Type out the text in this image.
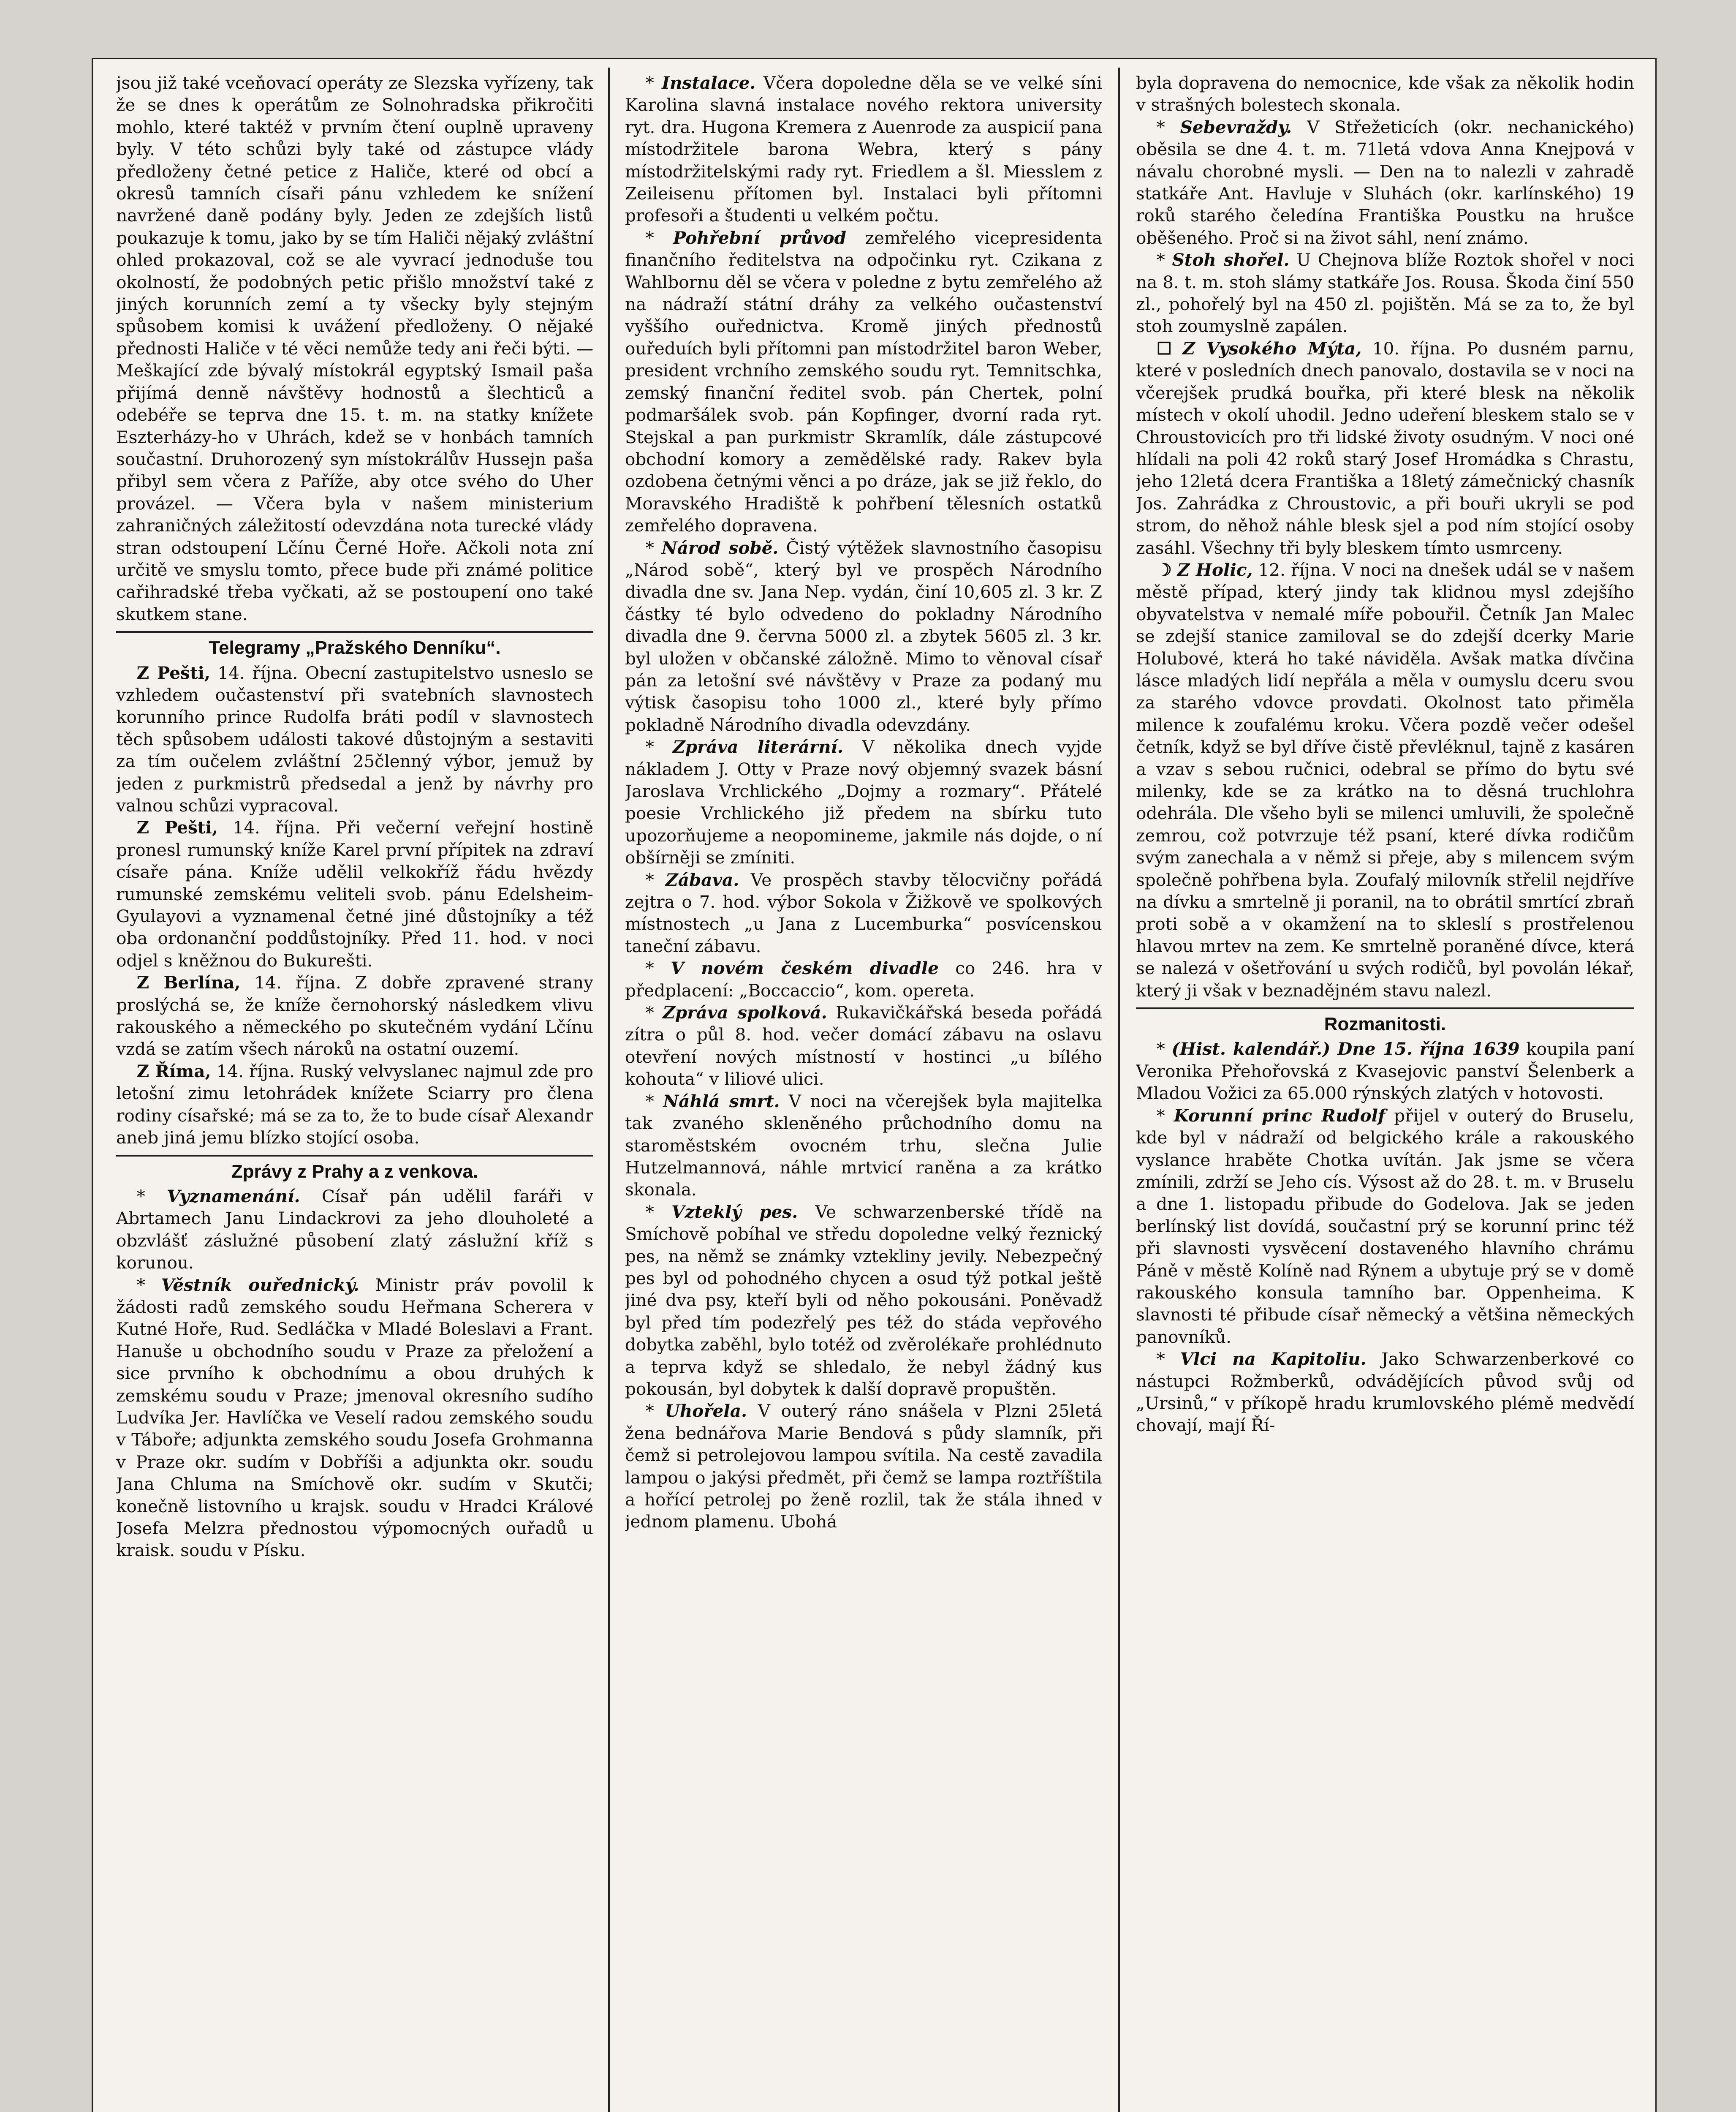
jsou již také vceňovací operáty ze Slezska vyřízeny, tak že se dnes k operátům ze Solnohradska přikročiti mohlo, které taktéž v prvním čtení ouplně upraveny byly. V této schůzi byly také od zástupce vlády předloženy četné petice z Haliče, které od obcí a okresů tamních císaři pánu vzhledem ke snížení navržené daně podány byly. Jeden ze zdejších listů poukazuje k tomu, jako by se tím Haliči nějaký zvláštní ohled prokazoval, což se ale vyvrací jednoduše tou okolností, že podobných petic přišlo množství také z jiných korunních zemí a ty všecky byly stejným spůsobem komisi k uvážení předloženy. O nějaké přednosti Haliče v té věci nemůže tedy ani řeči býti. — Meškající zde bývalý místokrál egyptský Ismail paša přijímá denně návštěvy hodnostů a šlechticů a odebéře se teprva dne 15. t. m. na statky knížete Eszterházy-ho v Uhrách, kdež se v honbách tamních součastní. Druhorozený syn místokrálův Hussejn paša přibyl sem včera z Paříže, aby otce svého do Uher provázel. — Včera byla v našem ministerium zahraničných záležitostí odevzdána nota turecké vlády stran odstoupení Lčínu Černé Hoře. Ačkoli nota zní určitě ve smyslu tomto, přece bude při známé politice cařihradské třeba vyčkati, až se postoupení ono také skutkem stane.

Telegramy „Pražského Denníku“.

Z Pešti, 14. října. Obecní zastupitelstvo usneslo se vzhledem oučastenství při svatebních slavnostech korunního prince Rudolfa bráti podíl v slavnostech těch spůsobem události takové důstojným a sestaviti za tím oučelem zvláštní 25členný výbor, jemuž by jeden z purkmistrů předsedal a jenž by návrhy pro valnou schůzi vypracoval.

Z Pešti, 14. října. Při večerní veřejní hostině pronesl rumunský kníže Karel první přípitek na zdraví císaře pána. Kníže udělil velkokříž řádu hvězdy rumunské zemskému veliteli svob. pánu Edelsheim-Gyulayovi a vyznamenal četné jiné důstojníky a též oba ordonanční poddůstojníky. Před 11. hod. v noci odjel s kněžnou do Bukurešti.

Z Berlína, 14. října. Z dobře zpravené strany proslýchá se, že kníže černohorský následkem vlivu rakouského a německého po skutečném vydání Lčínu vzdá se zatím všech nároků na ostatní ouzemí.

Z Říma, 14. října. Ruský velvyslanec najmul zde pro letošní zimu letohrádek knížete Sciarry pro člena rodiny císařské; má se za to, že to bude císař Alexandr aneb jiná jemu blízko stojící osoba.

Zprávy z Prahy a z venkova.

* Vyznamenání. Císař pán udělil faráři v Abrtamech Janu Lindackrovi za jeho dlouholeté a obzvlášť záslužné působení zlatý záslužní kříž s korunou.

* Věstník ouřednický. Ministr práv povolil k žádosti radů zemského soudu Heřmana Scherera v Kutné Hoře, Rud. Sedláčka v Mladé Boleslavi a Frant. Hanuše u obchodního soudu v Praze za přeložení a sice prvního k obchodnímu a obou druhých k zemskému soudu v Praze; jmenoval okresního sudího Ludvíka Jer. Havlíčka ve Veselí radou zemského soudu v Táboře; adjunkta zemského soudu Josefa Grohmanna v Praze okr. sudím v Dobříši a adjunkta okr. soudu Jana Chluma na Smíchově okr. sudím v Skutči; konečně listovního u krajsk. soudu v Hradci Králové Josefa Melzra přednostou výpomocných ouřadů u kraisk. soudu v Písku.

* Instalace. Včera dopoledne děla se ve velké síni Karolina slavná instalace nového rektora university ryt. dra. Hugona Kremera z Auenrode za auspicií pana místodržitele barona Webra, který s pány místodržitelskými rady ryt. Friedlem a šl. Miesslem z Zeileisenu přítomen byl. Instalaci byli přítomni profesoři a študenti u velkém počtu.

* Pohřební průvod zemřelého vicepresidenta finančního ředitelstva na odpočinku ryt. Czikana z Wahlbornu děl se včera v poledne z bytu zemřelého až na nádraží státní dráhy za velkého oučastenství vyššího ouřednictva. Kromě jiných přednostů ouředuích byli přítomni pan místodržitel baron Weber, president vrchního zemského soudu ryt. Temnitschka, zemský finanční ředitel svob. pán Chertek, polní podmaršálek svob. pán Kopfinger, dvorní rada ryt. Stejskal a pan purkmistr Skramlík, dále zástupcové obchodní komory a zemědělské rady. Rakev byla ozdobena četnými věnci a po dráze, jak se již řeklo, do Moravského Hradiště k pohřbení tělesních ostatků zemřelého dopravena.

* Národ sobě. Čistý výtěžek slavnostního časopisu „Národ sobě“, který byl ve prospěch Národního divadla dne sv. Jana Nep. vydán, činí 10,605 zl. 3 kr. Z částky té bylo odvedeno do pokladny Národního divadla dne 9. června 5000 zl. a zbytek 5605 zl. 3 kr. byl uložen v občanské záložně. Mimo to věnoval císař pán za letošní své návštěvy v Praze za podaný mu výtisk časopisu toho 1000 zl., které byly přímo pokladně Národního divadla odevzdány.

* Zpráva literární. V několika dnech vyjde nákladem J. Otty v Praze nový objemný svazek básní Jaroslava Vrchlického „Dojmy a rozmary“. Přátelé poesie Vrchlického již předem na sbírku tuto upozorňujeme a neopomineme, jakmile nás dojde, o ní obšírněji se zmíniti.

* Zábava. Ve prospěch stavby tělocvičny pořádá zejtra o 7. hod. výbor Sokola v Žižkově ve spolkových místnostech „u Jana z Lucemburka“ posvícenskou taneční zábavu.

* V novém českém divadle co 246. hra v předplacení: „Boccaccio“, kom. opereta.

* Zpráva spolková. Rukavičkářská beseda pořádá zítra o půl 8. hod. večer domácí zábavu na oslavu otevření nových místností v hostinci „u bílého kohouta“ v liliové ulici.

* Náhlá smrt. V noci na včerejšek byla majitelka tak zvaného skleněného průchodního domu na staroměstském ovocném trhu, slečna Julie Hutzelmannová, náhle mrtvicí raněna a za krátko skonala.

* Vzteklý pes. Ve schwarzenberské třídě na Smíchově pobíhal ve středu dopoledne velký řeznický pes, na němž se známky vzteklinу jevily. Nebezpečný pes byl od pohodného chycen a osud týž potkal ještě jiné dva psy, kteří byli od něho pokousáni. Poněvadž byl před tím podezřelý pes též do stáda vepřového dobytka zaběhl, bylo totéž od zvěrolékaře prohlédnuto a teprva když se shledalo, že nebyl žádný kus pokousán, byl dobytek k další dopravě propuštěn.

* Uhořela. V outerý ráno snášela v Plzni 25letá žena bednářova Marie Bendová s půdy slamník, při čemž si petrolejovou lampou svítila. Na cestě zavadila lampou o jakýsi předmět, při čemž se lampa roztříštila a hořící petrolej po ženě rozlil, tak že stála ihned v jednom plamenu. Ubohá

byla dopravena do nemocnice, kde však za několik hodin v strašných bolestech skonala.

* Sebevraždy. V Střežeticích (okr. nechanického) oběsila se dne 4. t. m. 71letá vdova Anna Knejpová v návalu chorobné mysli. — Den na to nalezli v zahradě statkáře Ant. Havluje v Sluhách (okr. karlínského) 19 roků starého čeledína Františka Poustku na hrušce oběšeného. Proč si na život sáhl, není známo.

* Stoh shořel. U Chejnova blíže Roztok shořel v noci na 8. t. m. stoh slámy statkáře Jos. Rousa. Škoda činí 550 zl., pohořelý byl na 450 zl. pojištěn. Má se za to, že byl stoh zoumyslně zapálen.

☐ Z Vysokého Mýta, 10. října. Po dusném parnu, které v posledních dnech panovalo, dostavila se v noci na včerejšek prudká bouřka, při které blesk na několik místech v okolí uhodil. Jedno udeření bleskem stalo se v Chroustovicích pro tři lidské životy osudným. V noci oné hlídali na poli 42 roků starý Josef Hromádka s Chrastu, jeho 12letá dcera Františka a 18letý zámečnický chasník Jos. Zahrádka z Chroustovic, a při bouři ukryli se pod strom, do něhož náhle blesk sjel a pod ním stojící osoby zasáhl. Všechny tři byly bleskem tímto usmrceny.

☽ Z Holic, 12. října. V noci na dnešek udál se v našem městě případ, který jindy tak klidnou mysl zdejšího obyvatelstva v nemalé míře pobouřil. Četník Jan Malec se zdejší stanice zamiloval se do zdejší dcerky Marie Holubové, která ho také návidělа. Avšak matka dívčina lásce mladých lidí nepřála a měla v oumyslu dceru svou za starého vdovce provdati. Okolnost tato přiměla milence k zoufalému kroku. Včera pozdě večer odešel četník, když se byl dříve čistě převléknul, tajně z kasáren a vzav s sebou ručnici, odebral se přímo do bytu své milenky, kde se za krátko na to děsná truchlohra odehrála. Dle všeho byli se milenci umluvili, že společně zemrou, což potvrzuje též psaní, které dívka rodičům svým zanechala a v němž si přeje, aby s milencem svým společně pohřbena byla. Zoufalý milovník střelil nejdříve na dívku a smrtelně ji poranil, na to obrátil smrtící zbraň proti sobě a v okamžení na to skleslí s prostřelenou hlavou mrtev na zem. Ke smrtelně poraněné dívce, která se nalezá v ošetřování u svých rodičů, byl povolán lékař, který ji však v beznadějném stavu nalezl.

Rozmanitosti.

* (Hist. kalendář.) Dne 15. října 1639 koupila paní Veronika Přehořovská z Kvasejovic panství Šelenberk a Mladou Vožici za 65.000 rýnských zlatých v hotovosti.

* Korunní princ Rudolf přijel v outerý do Bruselu, kde byl v nádraží od belgického krále a rakouského vyslance hraběte Chotka uvítán. Jak jsme se včera zmínili, zdrží se Jeho cís. Výsost až do 28. t. m. v Bruselu a dne 1. listopadu přibude do Godelova. Jak se jeden berlínský list dovídá, součastní prý se korunní princ též při slavnosti vysvěcení dostaveného hlavního chrámu Páně v městě Kolíně nad Rýnem a ubytuje prý se v domě rakouského konsula tamního bar. Oppenheima. K slavnosti té přibude císař německý a většina německých panovníků.

* Vlci na Kapitoliu. Jako Schwarzenberkové co nástupci Rožmberků, odvádějících původ svůj od „Ursinů,“ v příkopě hradu krumlovského plémě medvědí chovají, mají Ří-
